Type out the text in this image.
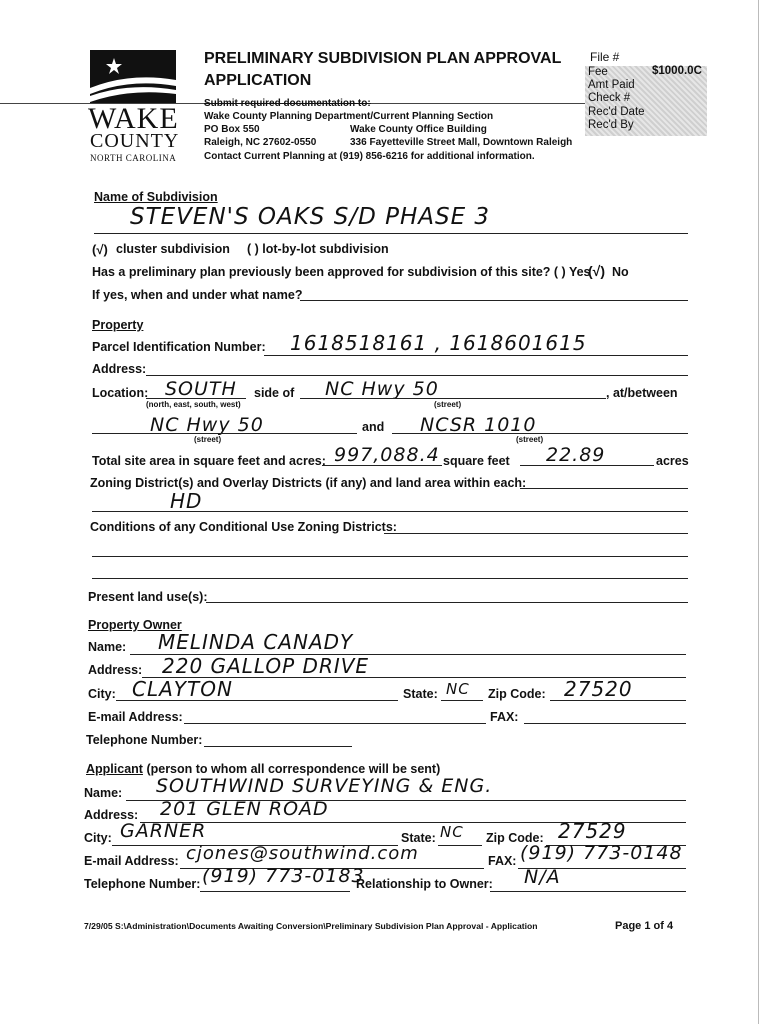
WAKE
COUNTY
NORTH CAROLINA
PRELIMINARY SUBDIVISION PLAN APPROVAL
APPLICATION
Submit required documentation to:
Wake County Planning Department/Current Planning Section
PO Box 550	Wake County Office Building
Raleigh, NC 27602-0550	336 Fayetteville Street Mall, Downtown Raleigh
Contact Current Planning at (919) 856-6216 for additional information.
File #
Fee	$1000.0C
Amt Paid
Check #
Rec'd Date
Rec'd By
Name of Subdivision
STEVEN'S OAKS S/D PHASE 3
(√) cluster subdivision ( ) lot-by-lot subdivision
Has a preliminary plan previously been approved for subdivision of this site? ( ) Yes
(√) No
If yes, when and under what name?
Property
Parcel Identification Number: 1618518161 , 1618601615
Address:
Location: SOUTH
(north, east, south, west)
side of NC Hwy 50
(street)
, at/between
NC Hwy 50
(street)
and NCSR 1010
(street)
Total site area in square feet and acres: 997,088.4 square feet 22.89	acres
Zoning District(s) and Overlay Districts (if any) and land area within each:
HD
Conditions of any Conditional Use Zoning Districts:
Present land use(s):
Property Owner
Name: MELINDA CANADY
Address: 220 GALLOP DRIVE
City: CLAYTON	State: NC Zip Code: 27520
E-mail Address:	FAX:
Telephone Number:
Applicant (person to whom all correspondence will be sent)
Name: SOUTHWIND SURVEYING & ENG.
Address: 201 GLEN ROAD
City: GARNER	State: NC Zip Code: 27529
E-mail Address: cjones@southwind.com	FAX: (919) 773-0148
Telephone Number: (919) 773-0183
Relationship to Owner: N/A
7/29/05 S:\Administration\Documents Awaiting Conversion\Preliminary Subdivision Plan Approval - Application	Page 1 of 4
